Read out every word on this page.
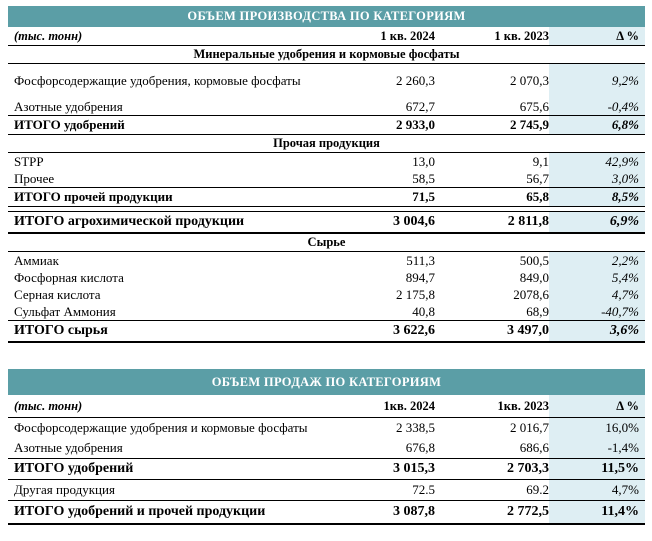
ОБЪЕМ ПРОИЗВОДСТВА ПО КАТЕГОРИЯМ
(тыс. тонн)	1 кв. 2024	1 кв. 2023	Δ %
Минеральные удобрения и кормовые фосфаты
Фосфорсодержащие удобрения, кормовые фосфаты	2 260,3	2 070,3	9,2%
Азотные удобрения	672,7	675,6	-0,4%
ИТОГО удобрений	2 933,0	2 745,9	6,8%
Прочая продукция
STPP	13,0	9,1	42,9%
Прочее	58,5	56,7	3,0%
ИТОГО прочей продукции	71,5	65,8	8,5%
ИТОГО агрохимической продукции	3 004,6	2 811,8	6,9%
Сырье
Аммиак	511,3	500,5	2,2%
Фосфорная кислота	894,7	849,0	5,4%
Серная кислота	2 175,8	2078,6	4,7%
Сульфат Аммония	40,8	68,9	-40,7%
ИТОГО сырья	3 622,6	3 497,0	3,6%
ОБЪЕМ ПРОДАЖ ПО КАТЕГОРИЯМ
(тыс. тонн)	1кв. 2024	1кв. 2023	Δ %
Фосфорсодержащие удобрения и кормовые фосфаты	2 338,5	2 016,7	16,0%
Азотные удобрения	676,8	686,6	-1,4%
ИТОГО удобрений	3 015,3	2 703,3	11,5%
Другая продукция	72.5	69.2	4,7%
ИТОГО удобрений и прочей продукции	3 087,8	2 772,5	11,4%
